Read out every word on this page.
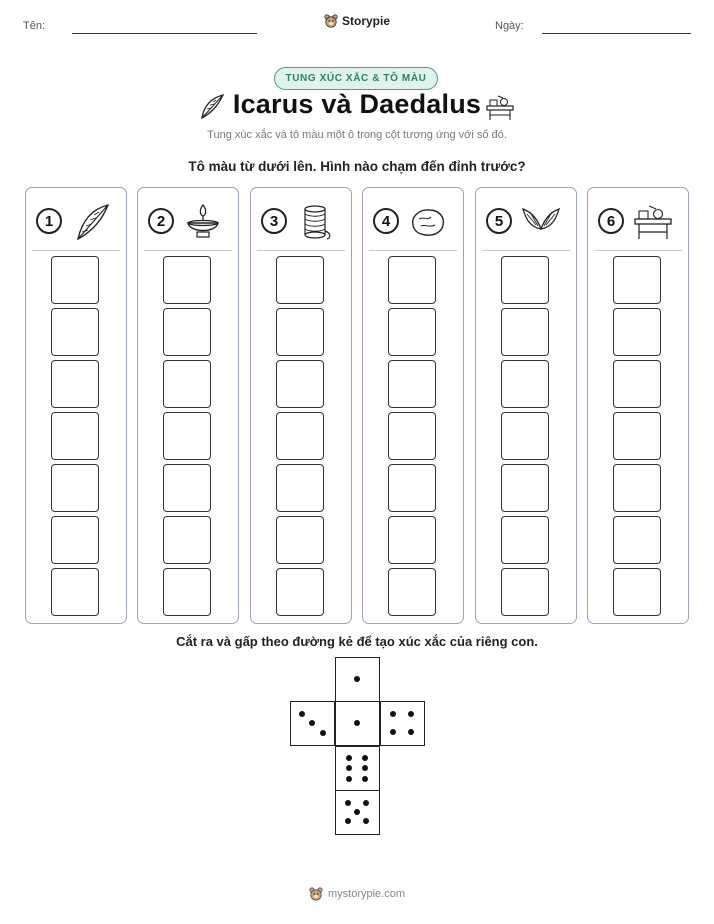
Tên:	Ngày:
Storypie
TUNG XÚC XẮC & TÔ MÀU
Icarus và Daedalus
Tung xúc xắc và tô màu một ô trong cột tương ứng với số đó.
Tô màu từ dưới lên. Hình nào chạm đến đỉnh trước?
1	2	3	4	5	6
Cắt ra và gấp theo đường kẻ để tạo xúc xắc của riêng con.
mystorypie.com
